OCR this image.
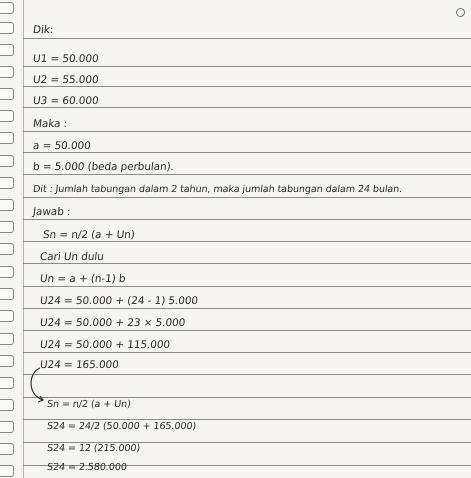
Dik:
U1 = 50.000
U2 = 55.000
U3 = 60.000
Maka :
a = 50.000
b = 5.000 (beda perbulan).
Dit : Jumlah tabungan dalam 2 tahun, maka jumlah tabungan dalam 24 bulan.
Jawab :
Sn = n/2 (a + Un)
Cari Un dulu
Un = a + (n-1) b
U24 = 50.000 + (24 - 1) 5.000
U24 = 50.000 + 23 × 5.000
U24 = 50.000 + 115.000
U24 = 165.000
Sn = n/2 (a + Un)
S24 = 24/2 (50.000 + 165.000)
S24 = 12 (215.000)
S24 = 2.580.000
